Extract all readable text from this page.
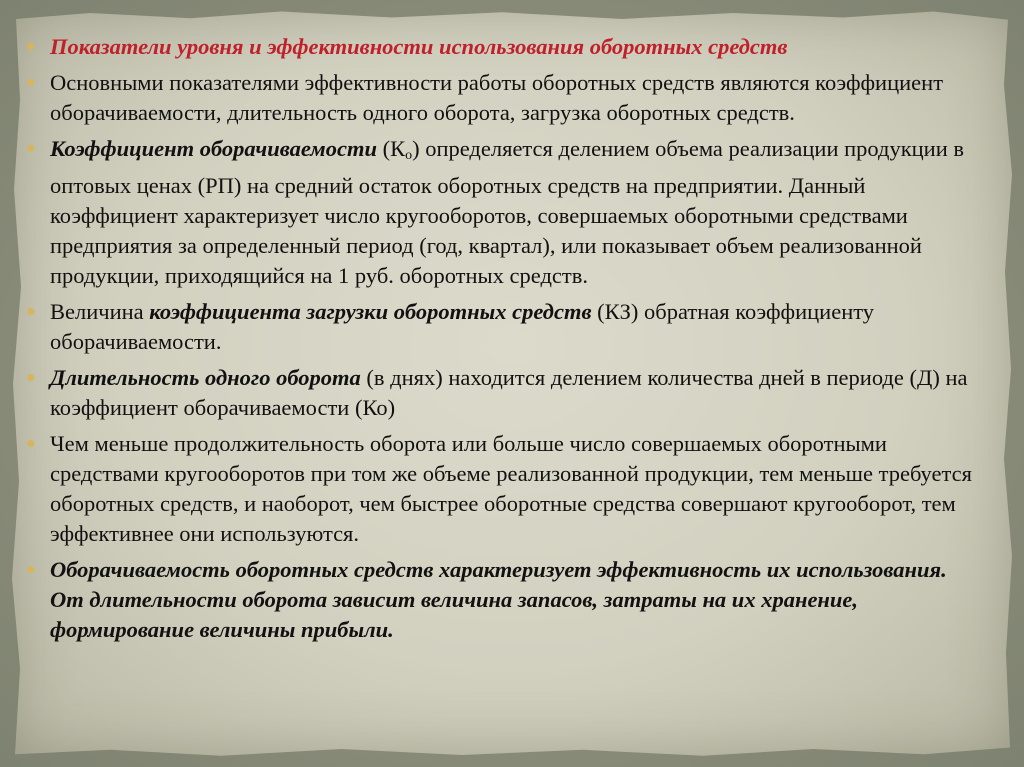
● Показатели уровня и эффективности использования оборотных средств
● Основными показателями эффективности работы оборотных средств являются коэффициент оборачиваемости, длительность одного оборота, загрузка оборотных средств.
● Коэффициент оборачиваемости $(К_о)$ определяется делением объема реализации продукции в оптовых ценах (РП) на средний остаток оборотных средств на предприятии. Данный коэффициент характеризует число кругооборотов, совершаемых оборотными средствами предприятия за определенный период (год, квартал), или показывает объем реализованной продукции, приходящийся на 1 руб. оборотных средств.
● Величина коэффициента загрузки оборотных средств (КЗ) обратная коэффициенту оборачиваемости.
● Длительность одного оборота (в днях) находится делением количества дней в периоде (Д) на коэффициент оборачиваемости (Ко)
● Чем меньше продолжительность оборота или больше число совершаемых оборотными средствами кругооборотов при том же объеме реализованной продукции, тем меньше требуется оборотных средств, и наоборот, чем быстрее оборотные средства совершают кругооборот, тем эффективнее они используются.
● Оборачиваемость оборотных средств характеризует эффективность их использования. От длительности оборота зависит величина запасов, затраты на их хранение, формирование величины прибыли.
